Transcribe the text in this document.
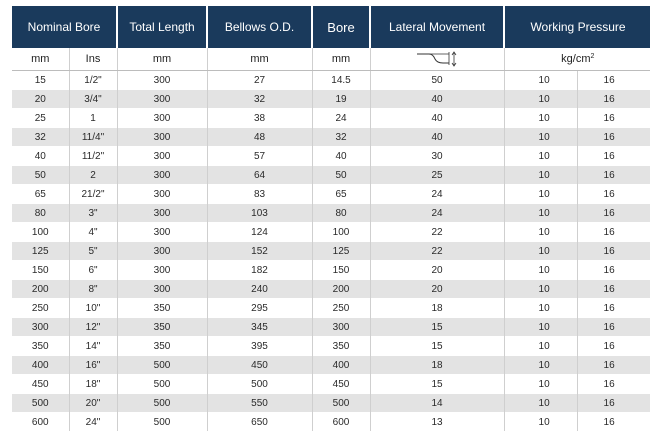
Nominal Bore		Total Length	Bellows O.D.	Bore	Lateral Movement	Working Pressure	
mm	Ins	mm	mm	mm		$kg/cm^2$
15	1/2"	300	27	14.5	50	10	16
20	3/4"	300	32	19	40	10	16
25	1	300	38	24	40	10	16
32	11/4"	300	48	32	40	10	16
40	11/2"	300	57	40	30	10	16
50	2	300	64	50	25	10	16
65	21/2"	300	83	65	24	10	16
80	3"	300	103	80	24	10	16
100	4"	300	124	100	22	10	16
125	5"	300	152	125	22	10	16
150	6"	300	182	150	20	10	16
200	8"	300	240	200	20	10	16
250	10"	350	295	250	18	10	16
300	12"	350	345	300	15	10	16
350	14"	350	395	350	15	10	16
400	16"	500	450	400	18	10	16
450	18"	500	500	450	15	10	16
500	20"	500	550	500	14	10	16
600	24"	500	650	600	13	10	16
